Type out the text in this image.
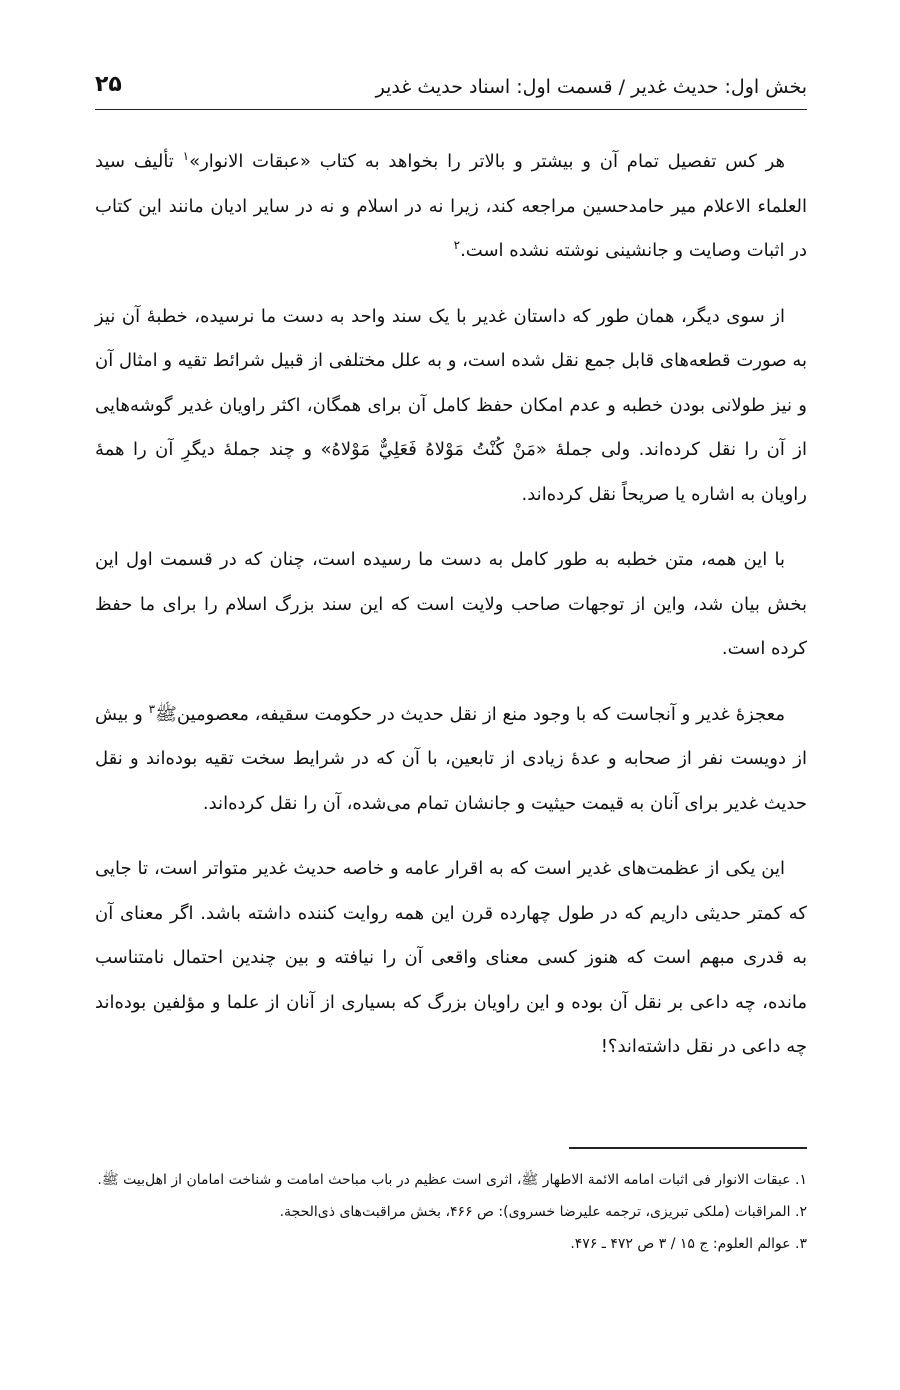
بخش اول: حدیث غدیر / قسمت اول: اسناد حدیث غدیر
۲۵

هر کس تفصیل تمام آن و بیشتر و بالاتر را بخواهد به کتاب «عبقات الانوار»$^۱$ تألیف سید العلماء الاعلام میر حامدحسین مراجعه کند، زیرا نه در اسلام و نه در سایر ادیان مانند این کتاب در اثبات وصایت و جانشینی نوشته نشده است.$^۲$

از سوی دیگر، همان طور که داستان غدیر با یک سند واحد به دست ما نرسیده، خطبهٔ آن نیز به صورت قطعه‌های قابل جمع نقل شده است، و به علل مختلفی از قبیل شرائط تقیه و امثال آن و نیز طولانی بودن خطبه و عدم امکان حفظ کامل آن برای همگان، اکثر راویان غدیر گوشه‌هایی از آن را نقل کرده‌اند. ولی جملهٔ «مَنْ كُنْتُ مَوْلاهُ فَعَلِيٌّ مَوْلاهُ» و چند جملهٔ دیگرِ آن را همهٔ راویان به اشاره یا صریحاً نقل کرده‌اند.

با این همه، متن خطبه به طور کامل به دست ما رسیده است، چنان که در قسمت اول این بخش بیان شد، واین از توجهات صاحب ولایت است که این سند بزرگ اسلام را برای ما حفظ کرده است.

معجزهٔ غدیر و آنجاست که با وجود منع از نقل حدیث در حکومت سقیفه، معصومینﷺ$^۳$ و بیش از دویست نفر از صحابه و عدهٔ زیادی از تابعین، با آن که در شرایط سخت تقیه بوده‌اند و نقل حدیث غدیر برای آنان به قیمت حیثیت و جانشان تمام می‌شده، آن را نقل کرده‌اند.

این یکی از عظمت‌های غدیر است که به اقرار عامه و خاصه حدیث غدیر متواتر است، تا جایی که کمتر حدیثی داریم که در طول چهارده قرن این همه روایت کننده داشته باشد. اگر معنای آن به قدری مبهم است که هنوز کسی معنای واقعی آن را نیافته و بین چندین احتمال نامتناسب مانده، چه داعی بر نقل آن بوده و این راویان بزرگ که بسیاری از آنان از علما و مؤلفین بوده‌اند چه داعی در نقل داشته‌اند؟!

۱. عبقات الانوار فی اثبات امامه الائمة الاطهار ﷺ، اثری است عظیم در باب مباحث امامت و شناخت امامان از اهل‌بیت ﷺ.

۲. المراقبات (ملکی تبریزی، ترجمه علیرضا خسروی): ص ۴۶۶، بخش مراقبت‌های ذی‌الحجة.

۳. عوالم العلوم: ج ۱۵ / ۳ ص ۴۷۲ ـ ۴۷۶.
